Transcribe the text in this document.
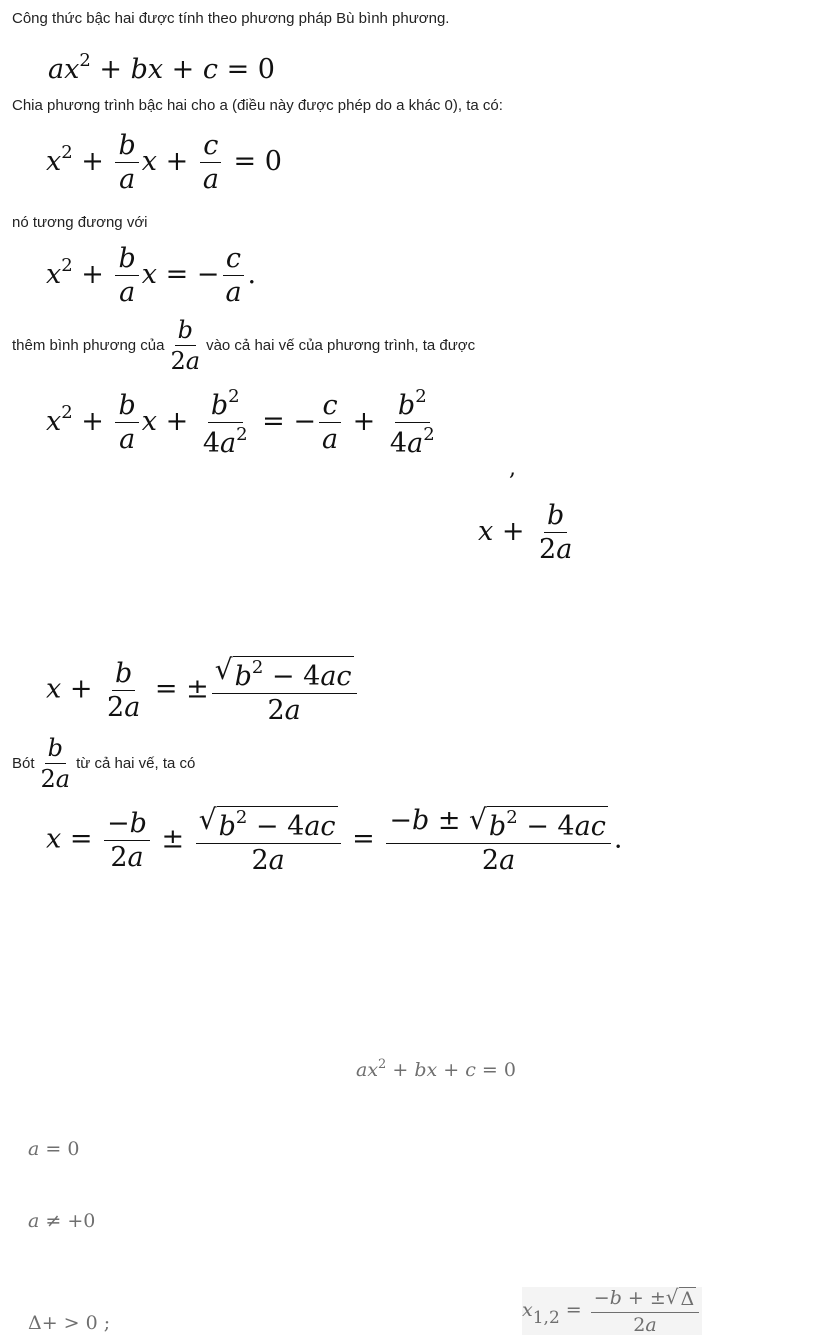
Công thức bậc hai được tính theo phương pháp Bù bình phương.
$ax^2$ + bx + c = 0
Chia phương trình bậc hai cho a (điều này được phép do a khác 0), ta có:
$x^2 + \frac{b}{a}$ $x + \frac{c}{a} = 0$
nó tương đương với
$x^2 + \frac{b}{a}$ x = − $\frac{c}{a}$ .
thêm bình phương của $\frac{b}{2a}$ vào cả hai vế của phương trình, ta được
$x^2 + \frac{b}{a}$ $x + \frac{b^2}{4a^2}$ = − $\frac{c}{a} + \frac{b^2}{4a^2}$
,
$x + \frac{b}{2a}$
$x + \frac{b}{2a}$ = ± $\frac{√ b^2 - 4ac}{2a}$
Bót $\frac{b}{2a}$ từ cả hai vế, ta có
$x = \frac{-b}{2a} \pm \frac{√ b^2 - 4ac}{2a} = \frac{-b \pm √ b^2 - 4ac}{2a}$ .
$ax^2$ + bx + c = 0
a = 0
a ≠ +0
Δ+ > 0 ;
$x1,2 = \frac{-b + \pm √ \Delta}{2a}$
